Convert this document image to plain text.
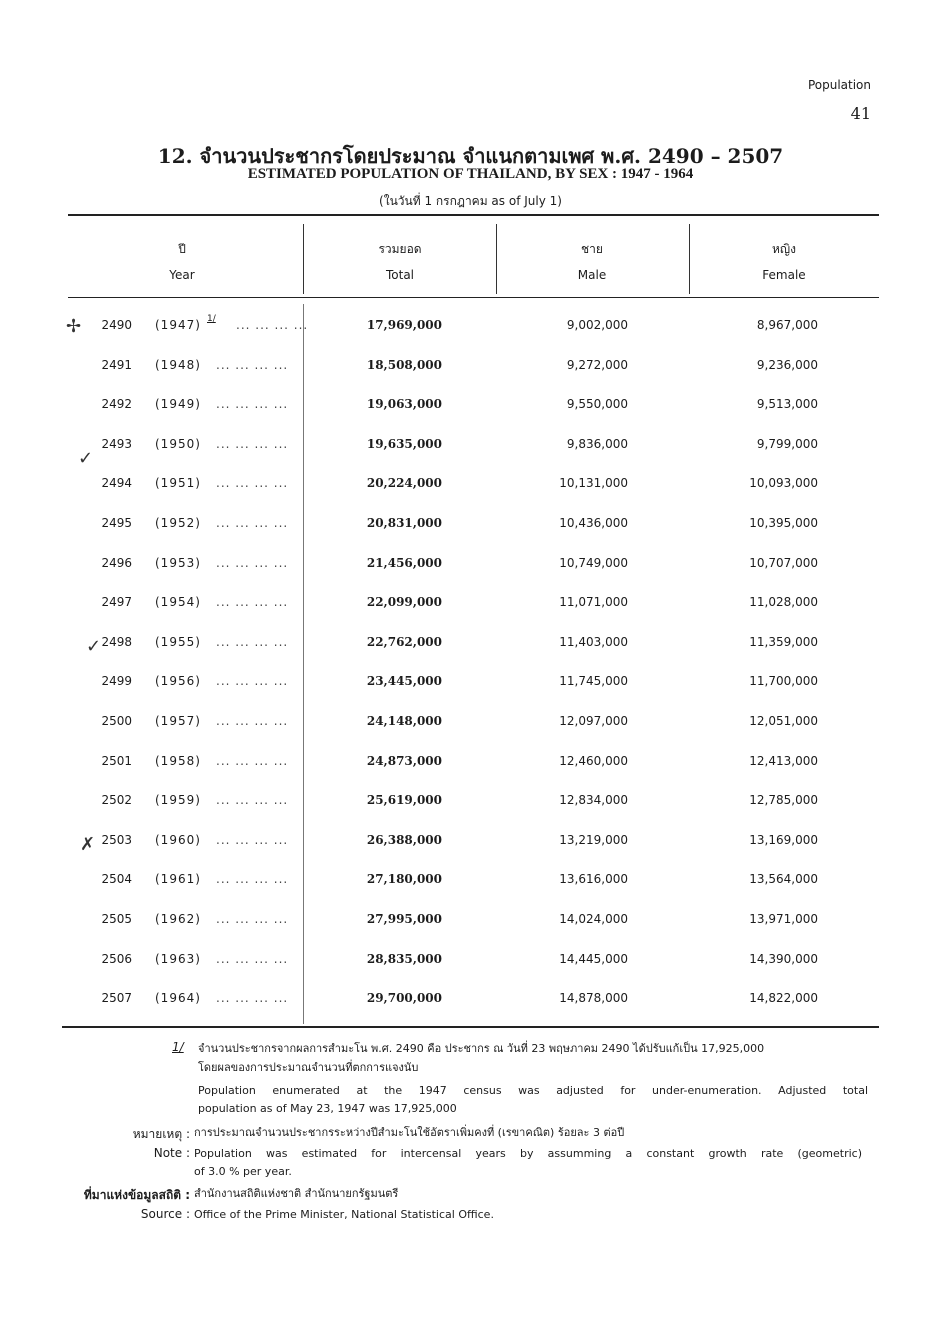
Population
41
12. จำนวนประชากรโดยประมาณ จำแนกตามเพศ พ.ศ. 2490 – 2507
ESTIMATED POPULATION OF THAILAND, BY SEX : 1947 - 1964
(ในวันที่ 1 กรกฎาคม as of July 1)
ปี
Year
รวมยอด
Total
ชาย
Male
หญิง
Female
✢
✓
✓
✗
2490 (1947)	... ... ... ...	17,969,000	9,002,000	8,967,000
1/
2491 (1948)	... ... ... ...	18,508,000	9,272,000	9,236,000
2492 (1949)	... ... ... ...	19,063,000	9,550,000	9,513,000
2493 (1950)	... ... ... ...	19,635,000	9,836,000	9,799,000
2494 (1951)	... ... ... ...	20,224,000	10,131,000	10,093,000
2495 (1952)	... ... ... ...	20,831,000	10,436,000	10,395,000
2496 (1953)	... ... ... ...	21,456,000	10,749,000	10,707,000
2497 (1954)	... ... ... ...	22,099,000	11,071,000	11,028,000
2498 (1955)	... ... ... ...	22,762,000	11,403,000	11,359,000
2499 (1956)	... ... ... ...	23,445,000	11,745,000	11,700,000
2500 (1957)	... ... ... ...	24,148,000	12,097,000	12,051,000
2501 (1958)	... ... ... ...	24,873,000	12,460,000	12,413,000
2502 (1959)	... ... ... ...	25,619,000	12,834,000	12,785,000
2503 (1960)	... ... ... ...	26,388,000	13,219,000	13,169,000
2504 (1961)	... ... ... ...	27,180,000	13,616,000	13,564,000
2505 (1962)	... ... ... ...	27,995,000	14,024,000	13,971,000
2506 (1963)	... ... ... ...	28,835,000	14,445,000	14,390,000
2507 (1964)	... ... ... ...	29,700,000	14,878,000	14,822,000
1/ จำนวนประชากรจากผลการสำมะโน พ.ศ. 2490 คือ ประชากร ณ วันที่ 23 พฤษภาคม 2490 ได้ปรับแก้เป็น 17,925,000
โดยผลของการประมาณจำนวนที่ตกการแจงนับ
Population enumerated at the 1947 census was adjusted for under-enumeration. Adjusted total
population as of May 23, 1947 was 17,925,000
หมายเหตุ : การประมาณจำนวนประชากรระหว่างปีสำมะโนใช้อัตราเพิ่มคงที่ (เรขาคณิต) ร้อยละ 3 ต่อปี
Note : Population was estimated for intercensal years by assumming a constant growth rate (geometric)
of 3.0 % per year.
ที่มาแห่งข้อมูลสถิติ : สำนักงานสถิติแห่งชาติ สำนักนายกรัฐมนตรี
Source : Office of the Prime Minister, National Statistical Office.
